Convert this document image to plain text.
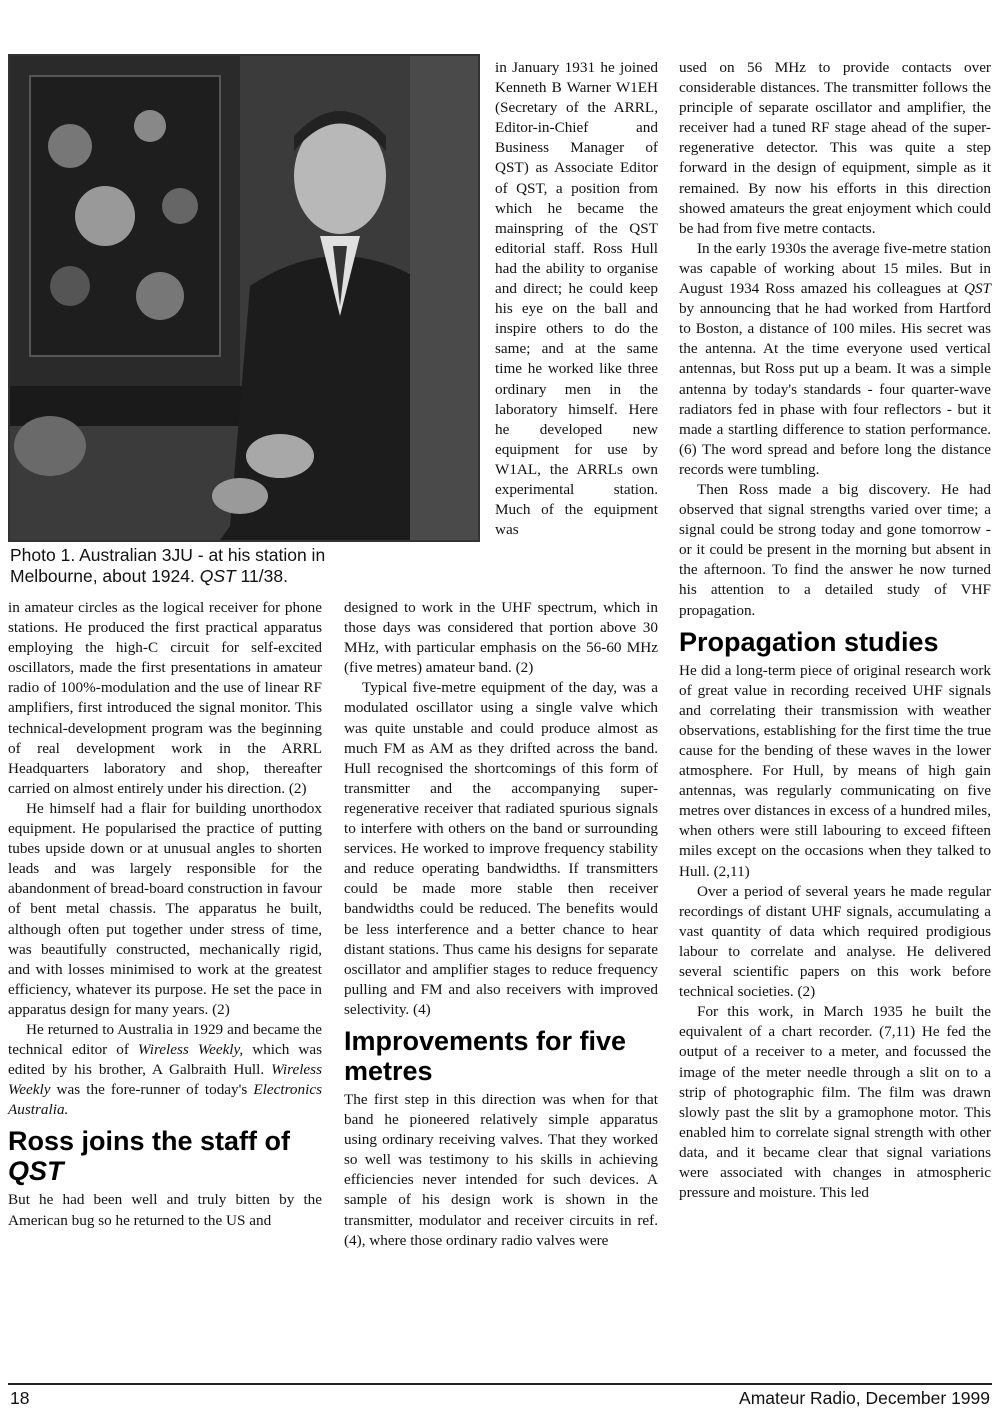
Photo 1. Australian 3JU - at his station in

Melbourne, about 1924. QST 11/38.

in January 1931 he joined Kenneth B Warner W1EH (Secretary of the ARRL, Editor-in-Chief and Business Manager of QST) as Associate Editor of QST, a position from which he became the mainspring of the QST editorial staff. Ross Hull had the ability to organise and direct; he could keep his eye on the ball and inspire others to do the same; and at the same time he worked like three ordinary men in the laboratory himself. Here he developed new equipment for use by W1AL, the ARRLs own experimental station. Much of the equipment was

in amateur circles as the logical receiver for phone stations. He produced the first practical apparatus employing the high-C circuit for self-excited oscillators, made the first presentations in amateur radio of 100%-modulation and the use of linear RF amplifiers, first introduced the signal monitor. This technical-development program was the beginning of real development work in the ARRL Headquarters laboratory and shop, thereafter carried on almost entirely under his direction. (2)

He himself had a flair for building unorthodox equipment. He popularised the practice of putting tubes upside down or at unusual angles to shorten leads and was largely responsible for the abandonment of bread-board construction in favour of bent metal chassis. The apparatus he built, although often put together under stress of time, was beautifully constructed, mechanically rigid, and with losses minimised to work at the greatest efficiency, whatever its purpose. He set the pace in apparatus design for many years. (2)

He returned to Australia in 1929 and became the technical editor of Wireless Weekly, which was edited by his brother, A Galbraith Hull. Wireless Weekly was the fore-runner of today's Electronics Australia.

Ross joins the staff of
QST

But he had been well and truly bitten by the American bug so he returned to the US and

designed to work in the UHF spectrum, which in those days was considered that portion above 30 MHz, with particular emphasis on the 56-60 MHz (five metres) amateur band. (2)

Typical five-metre equipment of the day, was a modulated oscillator using a single valve which was quite unstable and could produce almost as much FM as AM as they drifted across the band. Hull recognised the shortcomings of this form of transmitter and the accompanying super-regenerative receiver that radiated spurious signals to interfere with others on the band or surrounding services. He worked to improve frequency stability and reduce operating bandwidths. If transmitters could be made more stable then receiver bandwidths could be reduced. The benefits would be less interference and a better chance to hear distant stations. Thus came his designs for separate oscillator and amplifier stages to reduce frequency pulling and FM and also receivers with improved selectivity. (4)

Improvements for five metres

The first step in this direction was when for that band he pioneered relatively simple apparatus using ordinary receiving valves. That they worked so well was testimony to his skills in achieving efficiencies never intended for such devices. A sample of his design work is shown in the transmitter, modulator and receiver circuits in ref. (4), where those ordinary radio valves were

used on 56 MHz to provide contacts over considerable distances. The transmitter follows the principle of separate oscillator and amplifier, the receiver had a tuned RF stage ahead of the super-regenerative detector. This was quite a step forward in the design of equipment, simple as it remained. By now his efforts in this direction showed amateurs the great enjoyment which could be had from five metre contacts.

In the early 1930s the average five-metre station was capable of working about 15 miles. But in August 1934 Ross amazed his colleagues at QST by announcing that he had worked from Hartford to Boston, a distance of 100 miles. His secret was the antenna. At the time everyone used vertical antennas, but Ross put up a beam. It was a simple antenna by today's standards - four quarter-wave radiators fed in phase with four reflectors - but it made a startling difference to station performance. (6) The word spread and before long the distance records were tumbling.

Then Ross made a big discovery. He had observed that signal strengths varied over time; a signal could be strong today and gone tomorrow - or it could be present in the morning but absent in the afternoon. To find the answer he now turned his attention to a detailed study of VHF propagation.

Propagation studies

He did a long-term piece of original research work of great value in recording received UHF signals and correlating their transmission with weather observations, establishing for the first time the true cause for the bending of these waves in the lower atmosphere. For Hull, by means of high gain antennas, was regularly communicating on five metres over distances in excess of a hundred miles, when others were still labouring to exceed fifteen miles except on the occasions when they talked to Hull. (2,11)

Over a period of several years he made regular recordings of distant UHF signals, accumulating a vast quantity of data which required prodigious labour to correlate and analyse. He delivered several scientific papers on this work before technical societies. (2)

For this work, in March 1935 he built the equivalent of a chart recorder. (7,11) He fed the output of a receiver to a meter, and focussed the image of the meter needle through a slit on to a strip of photographic film. The film was drawn slowly past the slit by a gramophone motor. This enabled him to correlate signal strength with other data, and it became clear that signal variations were associated with changes in atmospheric pressure and moisture. This led

18	Amateur Radio, December 1999
